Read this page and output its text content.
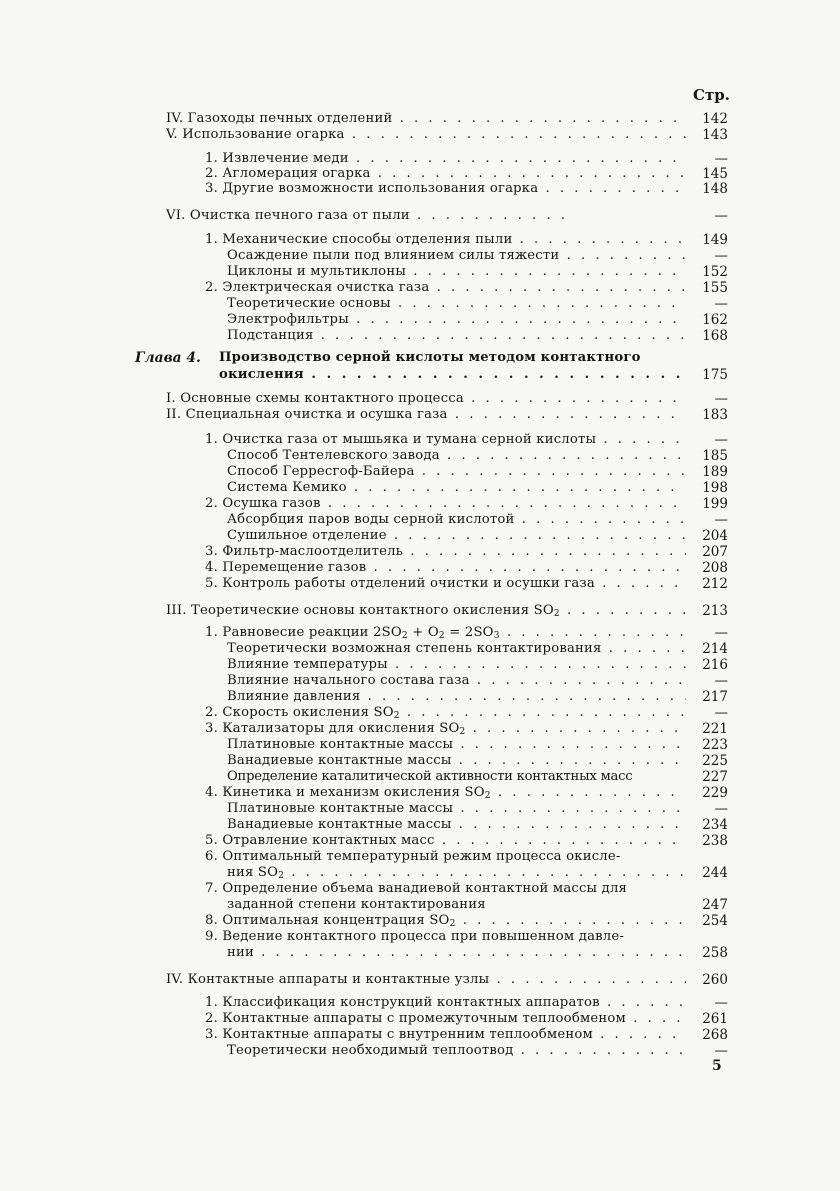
Стр.
IV. Газоходы печных отделений . . .	142
V. Использование огарка . . .	143
1. Извлечение меди . . .	—
2. Агломерация огарка . . .	145
3. Другие возможности использования огарка . . .	148
VI. Очистка печного газа от пыли . . .	—
1. Механические способы отделения пыли . . .	149
Осаждение пыли под влиянием силы тяжести . . .	—
Циклоны и мультиклоны . . .	152
2. Электрическая очистка газа . . .	155
Теоретические основы . . .	—
Электрофильтры . . .	162
Подстанция . . .	168
Глава 4. Производство серной кислоты методом контактного
окисления . . .	175
I. Основные схемы контактного процесса . . .	—
II. Специальная очистка и осушка газа . . .	183
1. Очистка газа от мышьяка и тумана серной кислоты . . .	—
Способ Тентелевского завода . . .	185
Способ Герресгоф-Байера . . .	189
Система Кемико . . .	198
2. Осушка газов . . .	199
Абсорбция паров воды серной кислотой . . .	—
Сушильное отделение . . .	204
3. Фильтр-маслоотделитель . . .	207
4. Перемещение газов . . .	208
5. Контроль работы отделений очистки и осушки газа . . .	212
III. Теоретические основы контактного окисления $SO_2$ . . .	213
1. Равновесие реакции $2SO_2 + O_2 = 2SO_3$ . . .	—
Теоретически возможная степень контактирования . . .	214
Влияние температуры . . .	216
Влияние начального состава газа . . .	—
Влияние давления . . .	217
2. Скорость окисления $SO_2$ . . .	—
3. Катализаторы для окисления $SO_2$ . . .	221
Платиновые контактные массы . . .	223
Ванадиевые контактные массы . . .	225
Определение каталитической активности контактных масс	227
4. Кинетика и механизм окисления $SO_2$ . . .	229
Платиновые контактные массы . . .	—
Ванадиевые контактные массы . . .	234
5. Отравление контактных масс . . .	238
6. Оптимальный температурный режим процесса окисле-
ния $SO_2$ . . .	244
7. Определение объема ванадиевой контактной массы для
заданной степени контактирования	247
8. Оптимальная концентрация $SO_2$ . . .	254
9. Ведение контактного процесса при повышенном давле-
нии . . .	258
IV. Контактные аппараты и контактные узлы . . .	260
1. Классификация конструкций контактных аппаратов . . .	—
2. Контактные аппараты с промежуточным теплообменом . . .	261
3. Контактные аппараты с внутренним теплообменом . . .	268
Теоретически необходимый теплоотвод . . .	—
5
